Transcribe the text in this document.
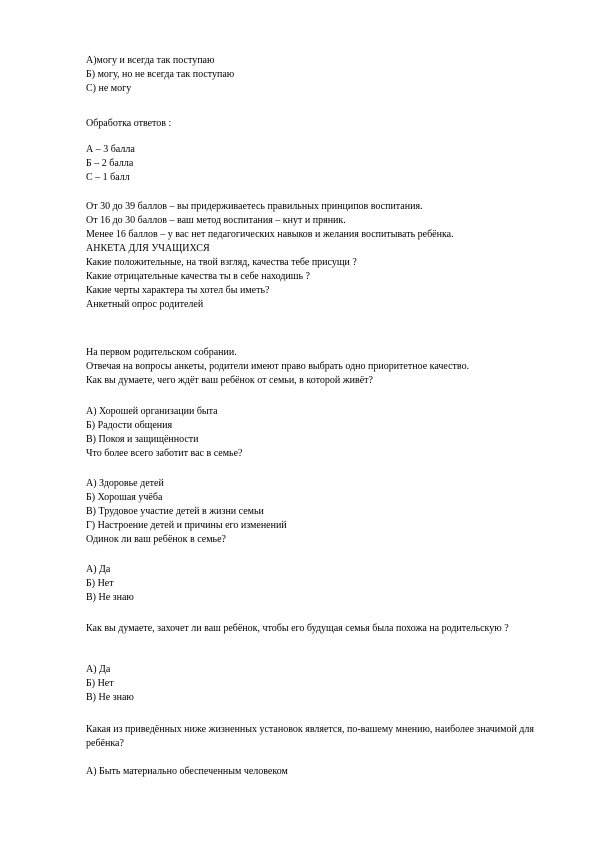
А)могу и всегда так поступаю
Б) могу, но не всегда так поступаю
С) не могу
Обработка ответов :
А – 3 балла
Б – 2 балла
С – 1 балл
От 30 до 39 баллов – вы придерживаетесь правильных принципов воспитания.
От 16 до 30 баллов – ваш метод воспитания – кнут и пряник.
Менее 16 баллов – у вас нет педагогических навыков и желания воспитывать ребёнка.
АНКЕТА ДЛЯ УЧАЩИХСЯ
Какие положительные, на твой взгляд, качества тебе присущи ?
Какие отрицательные качества ты в себе находишь ?
Какие черты характера ты хотел бы иметь?
Анкетный опрос родителей
На первом родительском собрании.
Отвечая на вопросы анкеты, родители имеют право выбрать одно приоритетное качество.
Как вы думаете, чего ждёт ваш ребёнок от семьи, в которой живёт?
А) Хорошей организации быта
Б) Радости общения
В) Покоя и защищённости
Что более всего заботит вас в семье?
А) Здоровье детей
Б) Хорошая учёба
В) Трудовое участие детей в жизни семьи
Г) Настроение детей и причины его изменений
Одинок ли ваш ребёнок в семье?
А) Да
Б) Нет
В) Не знаю
Как вы думаете, захочет ли ваш ребёнок, чтобы его будущая семья была похожа на родительскую ?
А) Да
Б) Нет
В) Не знаю
Какая из приведённых ниже жизненных установок является, по-вашему мнению, наиболее значимой для ребёнка?
А) Быть материально обеспеченным человеком
